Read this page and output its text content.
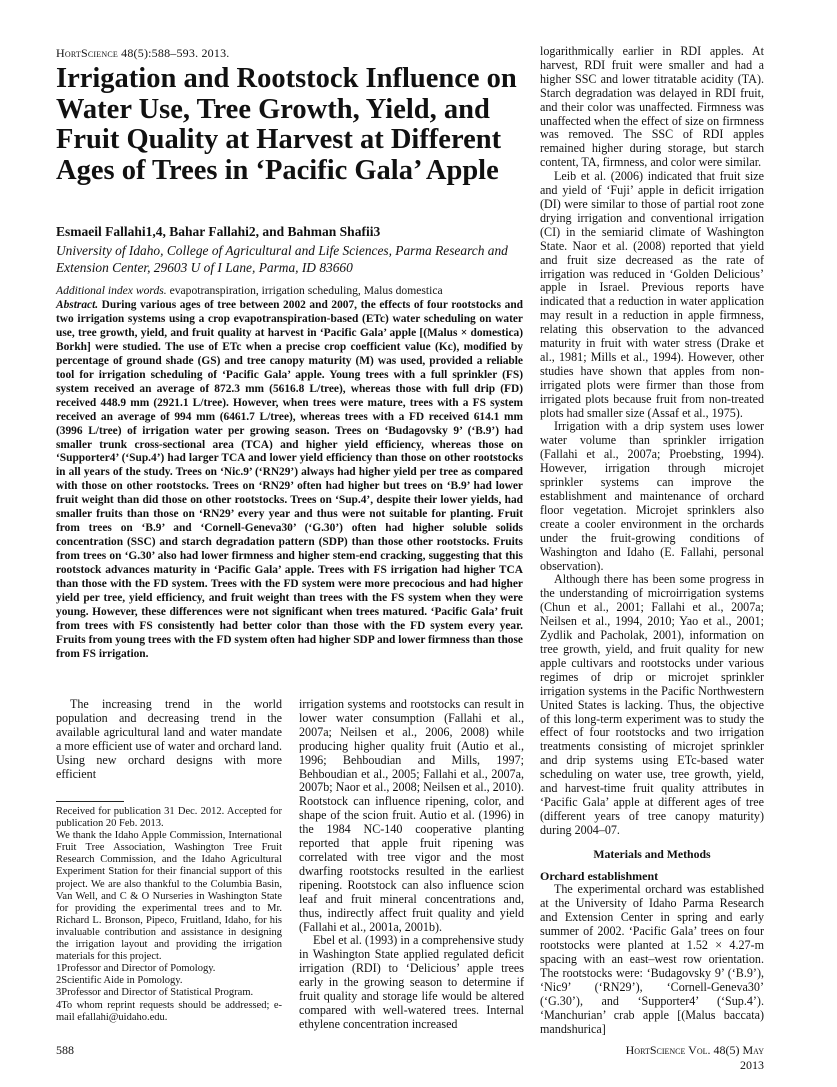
HortScience 48(5):588–593. 2013.
Irrigation and Rootstock Influence on Water Use, Tree Growth, Yield, and Fruit Quality at Harvest at Different Ages of Trees in ‘Pacific Gala’ Apple
Esmaeil Fallahi1,4, Bahar Fallahi2, and Bahman Shafii3
University of Idaho, College of Agricultural and Life Sciences, Parma Research and Extension Center, 29603 U of I Lane, Parma, ID 83660
Additional index words. evapotranspiration, irrigation scheduling, Malus domestica
Abstract. During various ages of tree between 2002 and 2007, the effects of four rootstocks and two irrigation systems using a crop evapotranspiration-based (ETc) water scheduling on water use, tree growth, yield, and fruit quality at harvest in ‘Pacific Gala’ apple [(Malus × domestica) Borkh] were studied. The use of ETc when a precise crop coefficient value (Kc), modified by percentage of ground shade (GS) and tree canopy maturity (M) was used, provided a reliable tool for irrigation scheduling of ‘Pacific Gala’ apple. Young trees with a full sprinkler (FS) system received an average of 872.3 mm (5616.8 L/tree), whereas those with full drip (FD) received 448.9 mm (2921.1 L/tree). However, when trees were mature, trees with a FS system received an average of 994 mm (6461.7 L/tree), whereas trees with a FD received 614.1 mm (3996 L/tree) of irrigation water per growing season. Trees on ‘Budagovsky 9’ (‘B.9’) had smaller trunk cross-sectional area (TCA) and higher yield efficiency, whereas those on ‘Supporter4’ (‘Sup.4’) had larger TCA and lower yield efficiency than those on other rootstocks in all years of the study. Trees on ‘Nic.9’ (‘RN29’) always had higher yield per tree as compared with those on other rootstocks. Trees on ‘RN29’ often had higher but trees on ‘B.9’ had lower fruit weight than did those on other rootstocks. Trees on ‘Sup.4’, despite their lower yields, had smaller fruits than those on ‘RN29’ every year and thus were not suitable for planting. Fruit from trees on ‘B.9’ and ‘Cornell-Geneva30’ (‘G.30’) often had higher soluble solids concentration (SSC) and starch degradation pattern (SDP) than those other rootstocks. Fruits from trees on ‘G.30’ also had lower firmness and higher stem-end cracking, suggesting that this rootstock advances maturity in ‘Pacific Gala’ apple. Trees with FS irrigation had higher TCA than those with the FD system. Trees with the FD system were more precocious and had higher yield per tree, yield efficiency, and fruit weight than trees with the FS system when they were young. However, these differences were not significant when trees matured. ‘Pacific Gala’ fruit from trees with FS consistently had better color than those with the FD system every year. Fruits from young trees with the FD system often had higher SDP and lower firmness than those from FS irrigation.

The increasing trend in the world population and decreasing trend in the available agricultural land and water mandate a more efficient use of water and orchard land. Using new orchard designs with more efficient

Received for publication 31 Dec. 2012. Accepted for publication 20 Feb. 2013.

We thank the Idaho Apple Commission, International Fruit Tree Association, Washington Tree Fruit Research Commission, and the Idaho Agricultural Experiment Station for their financial support of this project. We are also thankful to the Columbia Basin, Van Well, and C & O Nurseries in Washington State for providing the experimental trees and to Mr. Richard L. Bronson, Pipeco, Fruitland, Idaho, for his invaluable contribution and assistance in designing the irrigation layout and providing the irrigation materials for this project.

1Professor and Director of Pomology.

2Scientific Aide in Pomology.

3Professor and Director of Statistical Program.

4To whom reprint requests should be addressed; e-mail efallahi@uidaho.edu.

irrigation systems and rootstocks can result in lower water consumption (Fallahi et al., 2007a; Neilsen et al., 2006, 2008) while producing higher quality fruit (Autio et al., 1996; Behboudian and Mills, 1997; Behboudian et al., 2005; Fallahi et al., 2007a, 2007b; Naor et al., 2008; Neilsen et al., 2010). Rootstock can influence ripening, color, and shape of the scion fruit. Autio et al. (1996) in the 1984 NC-140 cooperative planting reported that apple fruit ripening was correlated with tree vigor and the most dwarfing rootstocks resulted in the earliest ripening. Rootstock can also influence scion leaf and fruit mineral concentrations and, thus, indirectly affect fruit quality and yield (Fallahi et al., 2001a, 2001b).

Ebel et al. (1993) in a comprehensive study in Washington State applied regulated deficit irrigation (RDI) to ‘Delicious’ apple trees early in the growing season to determine if fruit quality and storage life would be altered compared with well-watered trees. Internal ethylene concentration increased

logarithmically earlier in RDI apples. At harvest, RDI fruit were smaller and had a higher SSC and lower titratable acidity (TA). Starch degradation was delayed in RDI fruit, and their color was unaffected. Firmness was unaffected when the effect of size on firmness was removed. The SSC of RDI apples remained higher during storage, but starch content, TA, firmness, and color were similar.

Leib et al. (2006) indicated that fruit size and yield of ‘Fuji’ apple in deficit irrigation (DI) were similar to those of partial root zone drying irrigation and conventional irrigation (CI) in the semiarid climate of Washington State. Naor et al. (2008) reported that yield and fruit size decreased as the rate of irrigation was reduced in ‘Golden Delicious’ apple in Israel. Previous reports have indicated that a reduction in water application may result in a reduction in apple firmness, relating this observation to the advanced maturity in fruit with water stress (Drake et al., 1981; Mills et al., 1994). However, other studies have shown that apples from non-irrigated plots were firmer than those from irrigated plots because fruit from non-treated plots had smaller size (Assaf et al., 1975).

Irrigation with a drip system uses lower water volume than sprinkler irrigation (Fallahi et al., 2007a; Proebsting, 1994). However, irrigation through microjet sprinkler systems can improve the establishment and maintenance of orchard floor vegetation. Microjet sprinklers also create a cooler environment in the orchards under the fruit-growing conditions of Washington and Idaho (E. Fallahi, personal observation).

Although there has been some progress in the understanding of microirrigation systems (Chun et al., 2001; Fallahi et al., 2007a; Neilsen et al., 1994, 2010; Yao et al., 2001; Zydlik and Pacholak, 2001), information on tree growth, yield, and fruit quality for new apple cultivars and rootstocks under various regimes of drip or microjet sprinkler irrigation systems in the Pacific Northwestern United States is lacking. Thus, the objective of this long-term experiment was to study the effect of four rootstocks and two irrigation treatments consisting of microjet sprinkler and drip systems using ETc-based water scheduling on water use, tree growth, yield, and harvest-time fruit quality attributes in ‘Pacific Gala’ apple at different ages of tree (different years of tree canopy maturity) during 2004–07.

Materials and Methods

Orchard establishment

The experimental orchard was established at the University of Idaho Parma Research and Extension Center in spring and early summer of 2002. ‘Pacific Gala’ trees on four rootstocks were planted at 1.52 × 4.27-m spacing with an east–west row orientation. The rootstocks were: ‘Budagovsky 9’ (‘B.9’), ‘Nic9’ (‘RN29’), ‘Cornell-Geneva30’ (‘G.30’), and ‘Supporter4’ (‘Sup.4’). ‘Manchurian’ crab apple [(Malus baccata) mandshurica]

588	HortScience Vol. 48(5) May 2013
